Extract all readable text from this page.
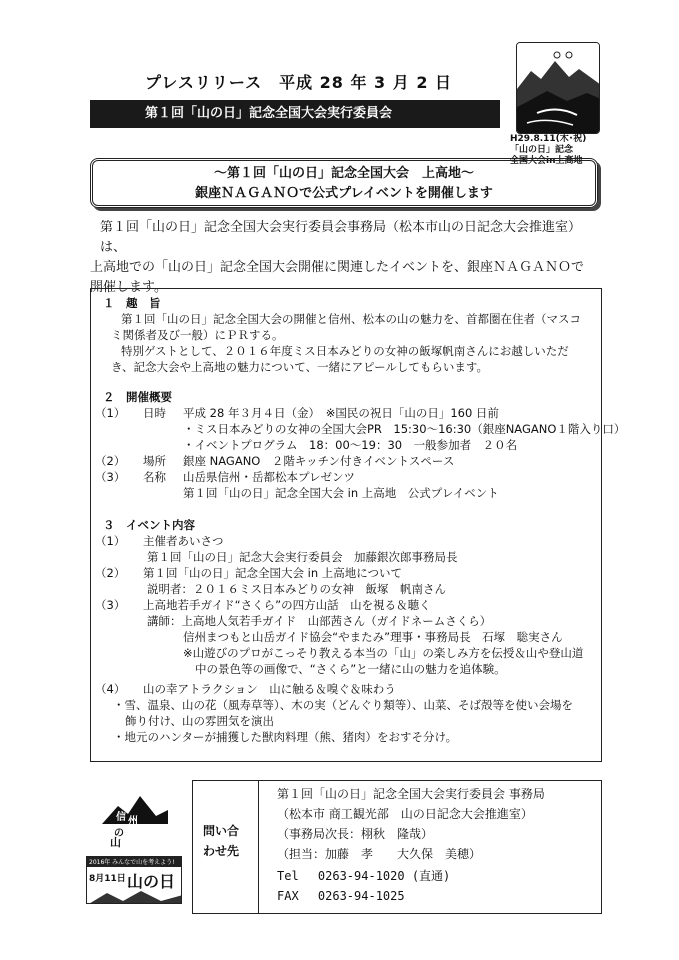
プレスリリース　平成 28 年 3 月 2 日
第１回「山の日」記念全国大会実行委員会
H29.8.11(木･祝)
「山の日」記念
全国大会in上高地
～第１回「山の日」記念全国大会　上高地～
銀座ＮＡＧＡＮＯで公式プレイベントを開催します
第１回「山の日」記念全国大会実行委員会事務局（松本市山の日記念大会推進室）は、
上高地での「山の日」記念全国大会開催に関連したイベントを、銀座ＮＡＧＡＮＯで
開催します。
１　趣　旨
第１回「山の日」記念全国大会の開催と信州、松本の山の魅力を、首都圏在住者（マスコ
ミ関係者及び一般）にＰＲする。
特別ゲストとして、２０１６年度ミス日本みどりの女神の飯塚帆南さんにお越しいただ
き、記念大会や上高地の魅力について、一緒にアピールしてもらいます。
２　開催概要
（1） 日時 平成 28 年３月４日（金）　※国民の祝日「山の日」160 日前
・ミス日本みどりの女神の全国大会PR　15:30～16:30（銀座NAGANO１階入り口）
・イベントプログラム　18：00～19：30　一般参加者　２０名
（2） 場所 銀座 NAGANO　２階キッチン付きイベントスペース
（3） 名称 山岳県信州・岳都松本プレゼンツ
第１回「山の日」記念全国大会 in 上高地　公式プレイベント
３　イベント内容
（1） 主催者あいさつ
第１回「山の日」記念大会実行委員会　加藤銀次郎事務局長
（2） 第１回「山の日」記念全国大会 in 上高地について
説明者：２０１６ミス日本みどりの女神　飯塚　帆南さん
（3） 上高地若手ガイド“さくら”の四方山話　山を視る＆聴く
講師：上高地人気若手ガイド　山部茜さん（ガイドネームさくら）
信州まつもと山岳ガイド協会“やまたみ”理事・事務局長　石塚　聡実さん
※山遊びのプロがこっそり教える本当の「山」の楽しみ方を伝授＆山や登山道
中の景色等の画像で、“さくら”と一緒に山の魅力を追体験。
（4） 山の幸アトラクション　山に触る＆嗅ぐ＆味わう
・雪、温泉、山の花（風寿草等）、木の実（どんぐり類等）、山菜、そば殻等を使い会場を
飾り付け、山の雰囲気を演出
・地元のハンターが捕獲した獣肉料理（熊、猪肉）をおすそ分け。
信 州
の
山
2016年 みんなで山を考えよう!
8月11日 山の日
問い合
わせ先
第１回「山の日」記念全国大会実行委員会 事務局
（松本市 商工観光部　山の日記念大会推進室）
（事務局次長：栩秋　隆哉）
（担当：加藤　孝　　大久保　美穂）
Tel　 0263-94-1020 (直通)
FAX　 0263-94-1025
